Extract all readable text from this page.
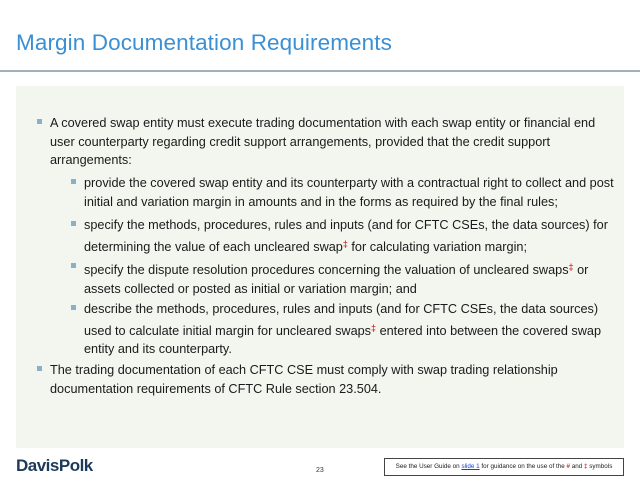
Margin Documentation Requirements
A covered swap entity must execute trading documentation with each swap entity or financial end user counterparty regarding credit support arrangements, provided that the credit support arrangements:
provide the covered swap entity and its counterparty with a contractual right to collect and post initial and variation margin in amounts and in the forms as required by the final rules;
specify the methods, procedures, rules and inputs (and for CFTC CSEs, the data sources) for determining the value of each uncleared swap‡ for calculating variation margin;
specify the dispute resolution procedures concerning the valuation of uncleared swaps‡ or assets collected or posted as initial or variation margin; and
describe the methods, procedures, rules and inputs (and for CFTC CSEs, the data sources) used to calculate initial margin for uncleared swaps‡ entered into between the covered swap entity and its counterparty.
The trading documentation of each CFTC CSE must comply with swap trading relationship documentation requirements of CFTC Rule section 23.504.
DavisPolk	23
See the User Guide on slide 1 for guidance on the use of the # and ‡ symbols
